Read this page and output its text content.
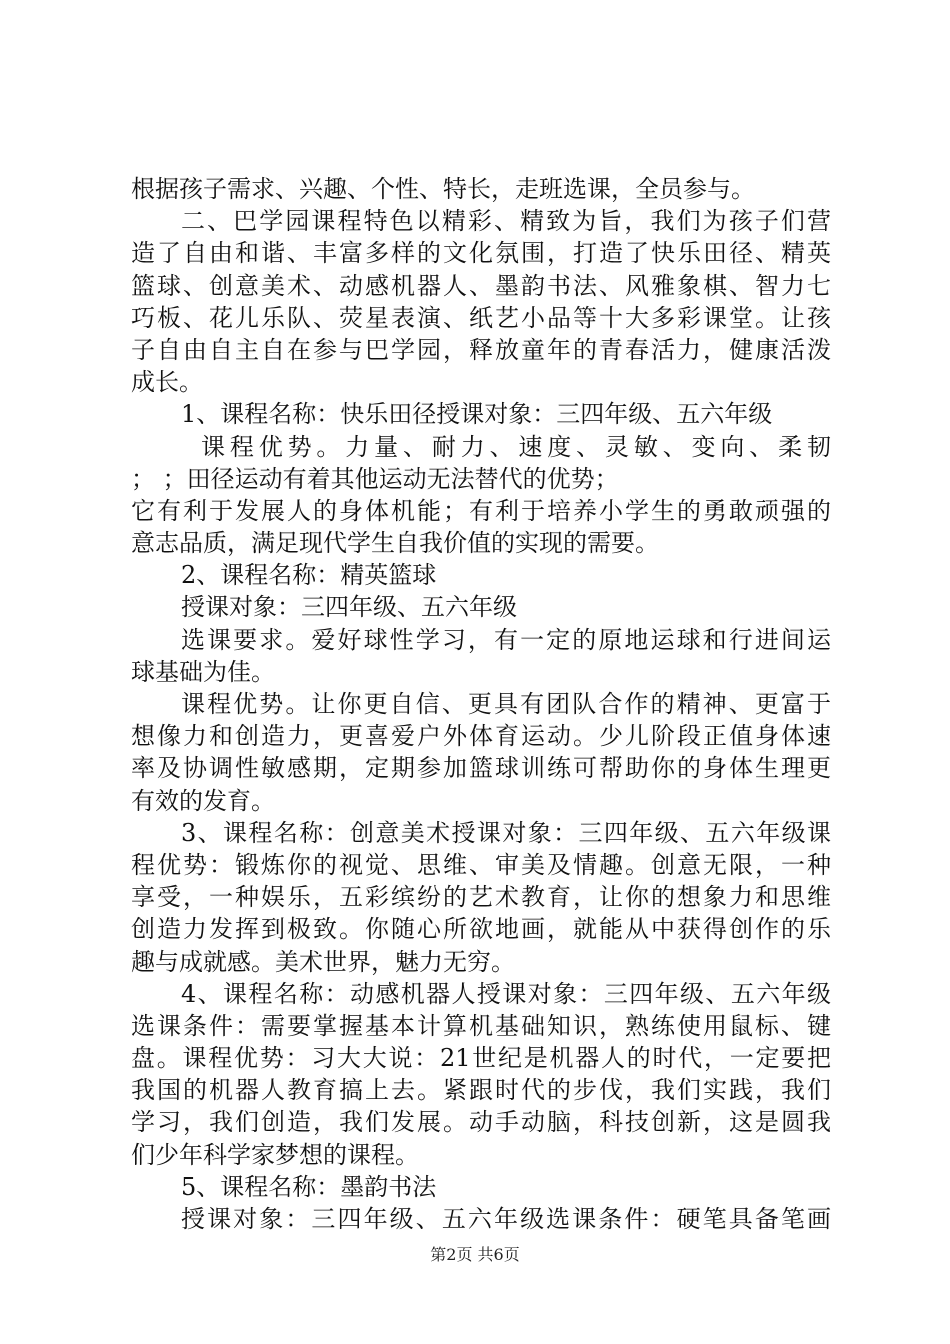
根据孩子需求、兴趣、个性、特长，走班选课，全员参与。
二、巴学园课程特色以精彩、精致为旨，我们为孩子们营
造了自由和谐、丰富多样的文化氛围，打造了快乐田径、精英
篮球、创意美术、动感机器人、墨韵书法、风雅象棋、智力七
巧板、花儿乐队、荧星表演、纸艺小品等十大多彩课堂。让孩
子自由自主自在参与巴学园，释放童年的青春活力，健康活泼
成长。
1、课程名称：快乐田径授课对象：三四年级、五六年级
课程优势。力量、耐力、速度、灵敏、变向、柔韧
； ；田径运动有着其他运动无法替代的优势；
它有利于发展人的身体机能；有利于培养小学生的勇敢顽强的
意志品质，满足现代学生自我价值的实现的需要。
2、课程名称：精英篮球
授课对象：三四年级、五六年级
选课要求。爱好球性学习，有一定的原地运球和行进间运
球基础为佳。
课程优势。让你更自信、更具有团队合作的精神、更富于
想像力和创造力，更喜爱户外体育运动。少儿阶段正值身体速
率及协调性敏感期，定期参加篮球训练可帮助你的身体生理更
有效的发育。
3、课程名称：创意美术授课对象：三四年级、五六年级课
程优势：锻炼你的视觉、思维、审美及情趣。创意无限，一种
享受，一种娱乐，五彩缤纷的艺术教育，让你的想象力和思维
创造力发挥到极致。你随心所欲地画，就能从中获得创作的乐
趣与成就感。美术世界，魅力无穷。
4、课程名称：动感机器人授课对象：三四年级、五六年级
选课条件：需要掌握基本计算机基础知识，熟练使用鼠标、键
盘。课程优势：习大大说：21世纪是机器人的时代，一定要把
我国的机器人教育搞上去。紧跟时代的步伐，我们实践，我们
学习，我们创造，我们发展。动手动脑，科技创新，这是圆我
们少年科学家梦想的课程。
5、课程名称：墨韵书法
授课对象：三四年级、五六年级选课条件：硬笔具备笔画
第2页 共6页
